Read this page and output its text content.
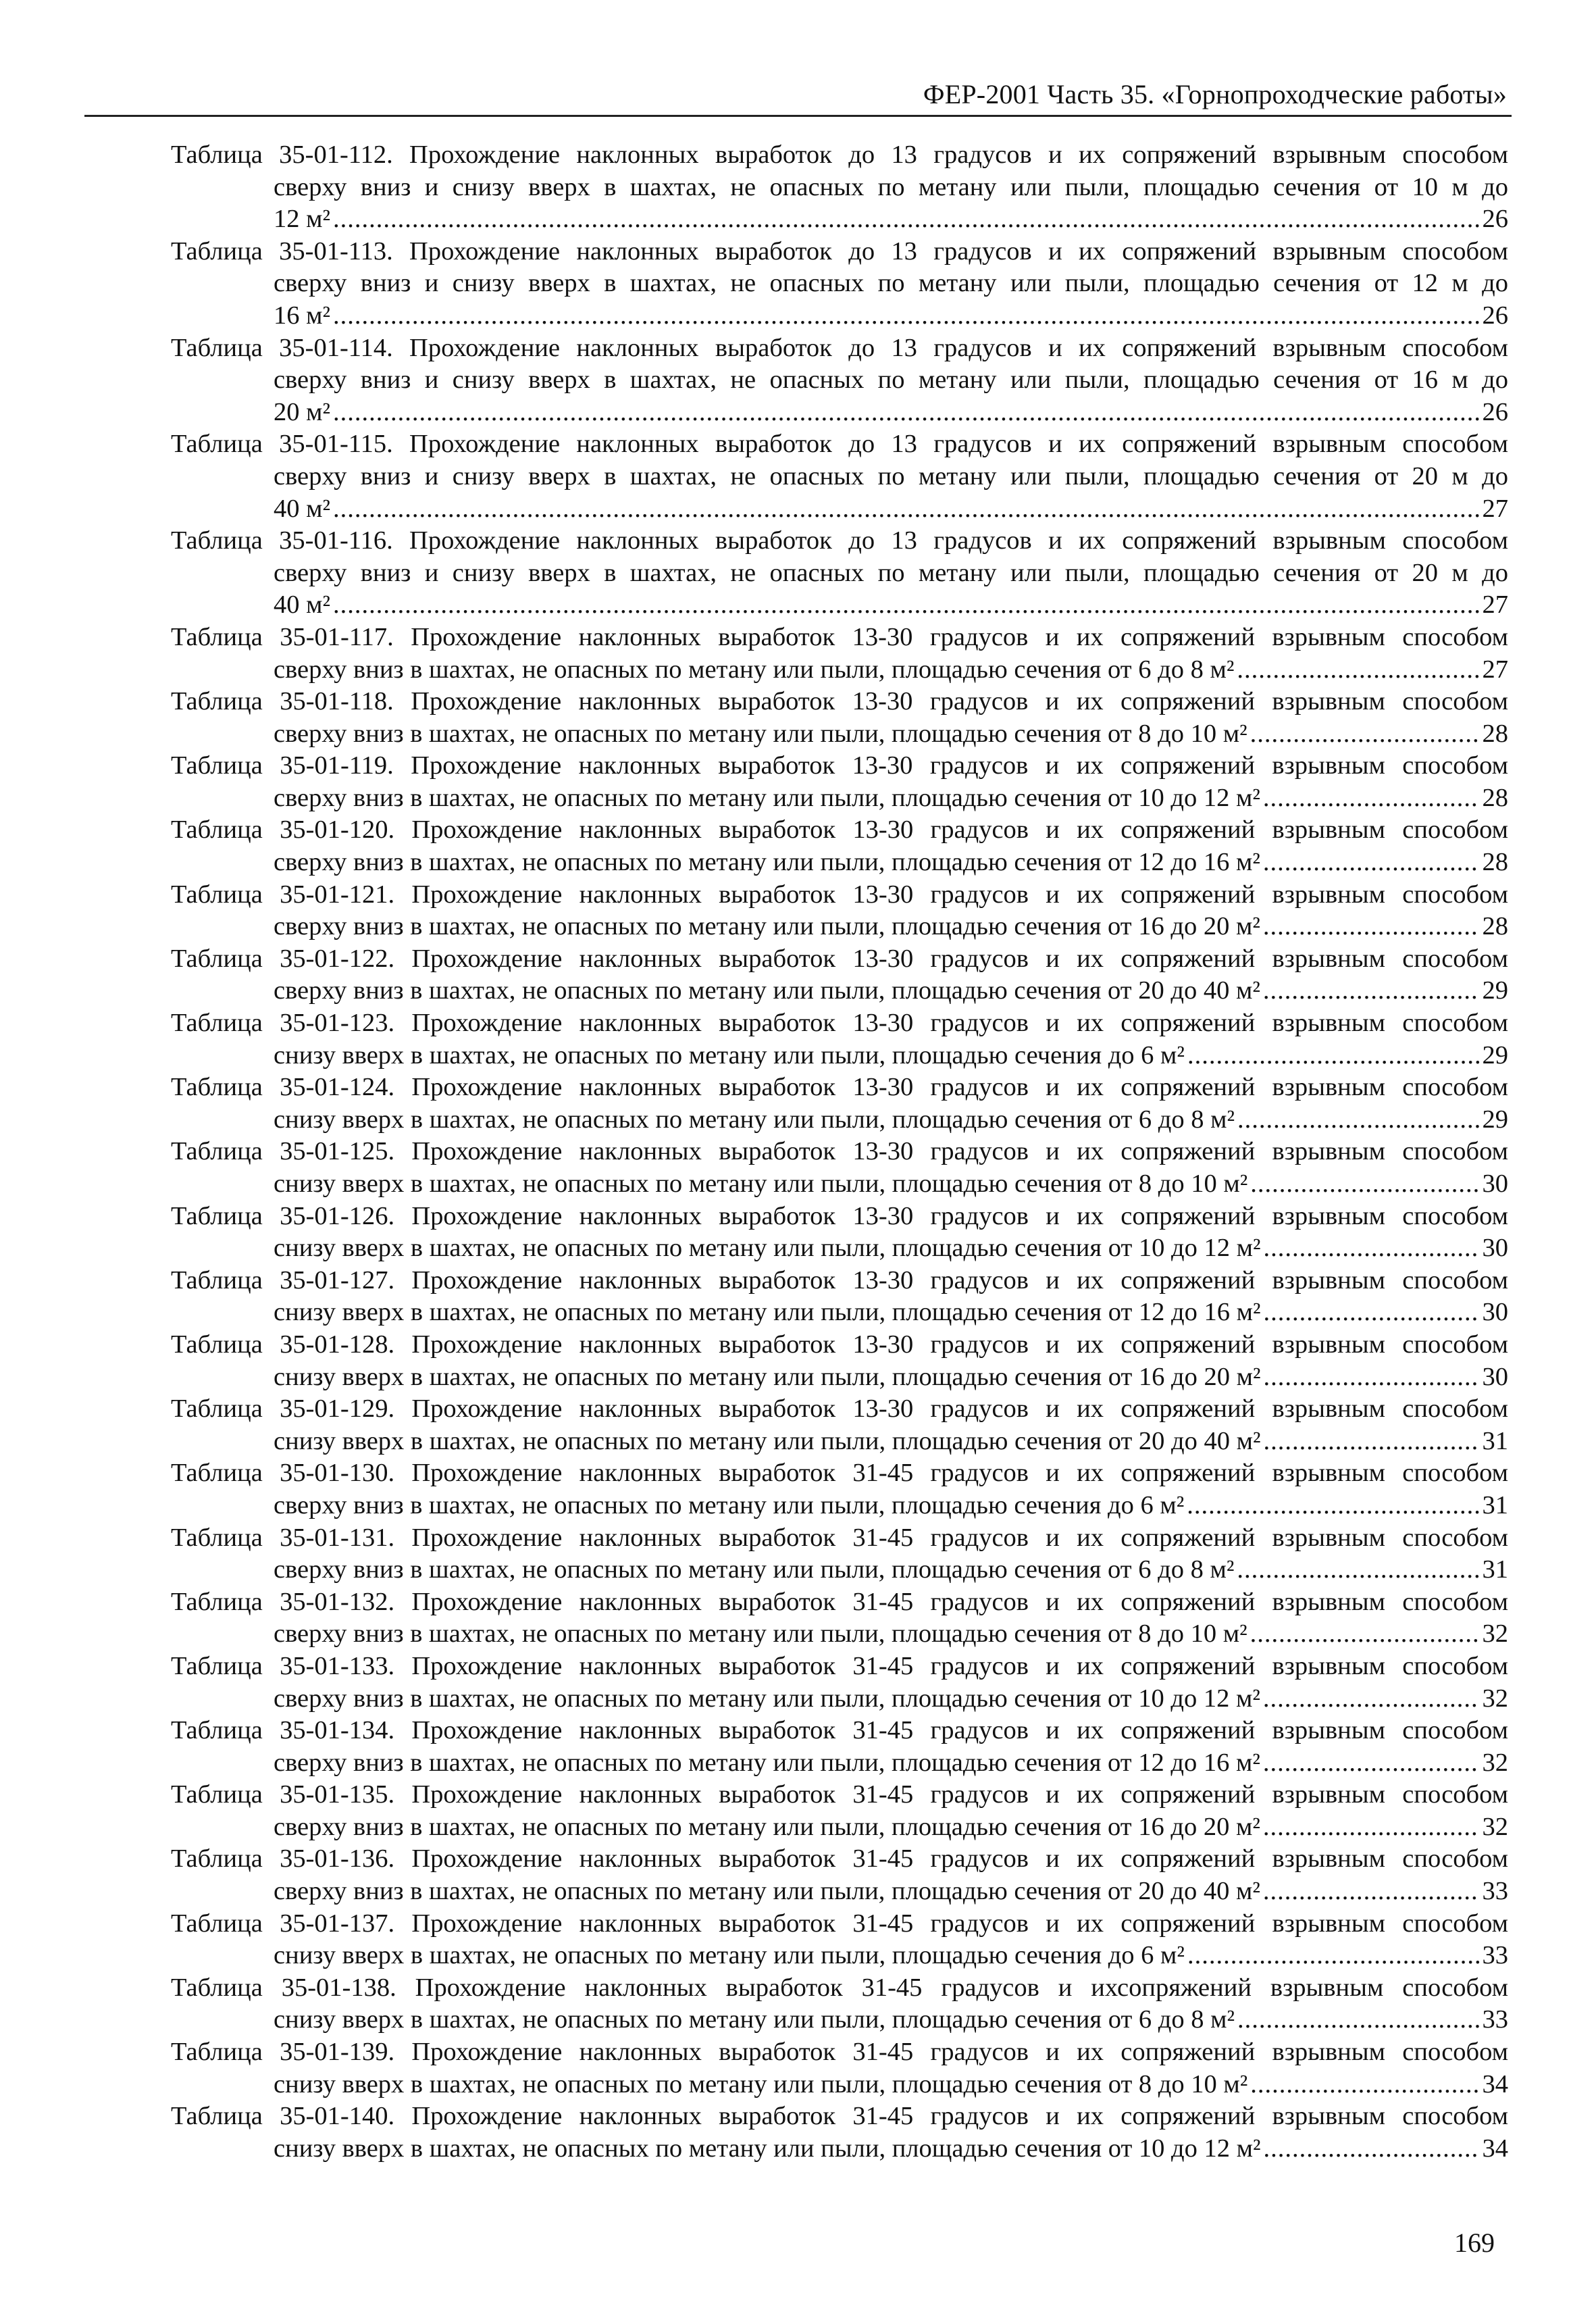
ФЕР-2001 Часть 35. «Горнопроходческие работы»
Таблица 35-01-112. Прохождение наклонных выработок до 13 градусов и их сопряжений взрывным способом
сверху вниз и снизу вверх в шахтах, не опасных по метану или пыли, площадью сечения от 10 м до
12 м² .....	26
Таблица 35-01-113. Прохождение наклонных выработок до 13 градусов и их сопряжений взрывным способом
сверху вниз и снизу вверх в шахтах, не опасных по метану или пыли, площадью сечения от 12 м до
16 м² .....	26
Таблица 35-01-114. Прохождение наклонных выработок до 13 градусов и их сопряжений взрывным способом
сверху вниз и снизу вверх в шахтах, не опасных по метану или пыли, площадью сечения от 16 м до
20 м² .....	26
Таблица 35-01-115. Прохождение наклонных выработок до 13 градусов и их сопряжений взрывным способом
сверху вниз и снизу вверх в шахтах, не опасных по метану или пыли, площадью сечения от 20 м до
40 м² .....	27
Таблица 35-01-116. Прохождение наклонных выработок до 13 градусов и их сопряжений взрывным способом
сверху вниз и снизу вверх в шахтах, не опасных по метану или пыли, площадью сечения от 20 м до
40 м² .....	27
Таблица 35-01-117. Прохождение наклонных выработок 13-30 градусов и их сопряжений взрывным способом
сверху вниз в шахтах, не опасных по метану или пыли, площадью сечения от 6 до 8 м² .....	27
Таблица 35-01-118. Прохождение наклонных выработок 13-30 градусов и их сопряжений взрывным способом
сверху вниз в шахтах, не опасных по метану или пыли, площадью сечения от 8 до 10 м² .....	28
Таблица 35-01-119. Прохождение наклонных выработок 13-30 градусов и их сопряжений взрывным способом
сверху вниз в шахтах, не опасных по метану или пыли, площадью сечения от 10 до 12 м² .....	28
Таблица 35-01-120. Прохождение наклонных выработок 13-30 градусов и их сопряжений взрывным способом
сверху вниз в шахтах, не опасных по метану или пыли, площадью сечения от 12 до 16 м² .....	28
Таблица 35-01-121. Прохождение наклонных выработок 13-30 градусов и их сопряжений взрывным способом
сверху вниз в шахтах, не опасных по метану или пыли, площадью сечения от 16 до 20 м² .....	28
Таблица 35-01-122. Прохождение наклонных выработок 13-30 градусов и их сопряжений взрывным способом
сверху вниз в шахтах, не опасных по метану или пыли, площадью сечения от 20 до 40 м² .....	29
Таблица 35-01-123. Прохождение наклонных выработок 13-30 градусов и их сопряжений взрывным способом
снизу вверх в шахтах, не опасных по метану или пыли, площадью сечения до 6 м² .....	29
Таблица 35-01-124. Прохождение наклонных выработок 13-30 градусов и их сопряжений взрывным способом
снизу вверх в шахтах, не опасных по метану или пыли, площадью сечения от 6 до 8 м² .....	29
Таблица 35-01-125. Прохождение наклонных выработок 13-30 градусов и их сопряжений взрывным способом
снизу вверх в шахтах, не опасных по метану или пыли, площадью сечения от 8 до 10 м² .....	30
Таблица 35-01-126. Прохождение наклонных выработок 13-30 градусов и их сопряжений взрывным способом
снизу вверх в шахтах, не опасных по метану или пыли, площадью сечения от 10 до 12 м² .....	30
Таблица 35-01-127. Прохождение наклонных выработок 13-30 градусов и их сопряжений взрывным способом
снизу вверх в шахтах, не опасных по метану или пыли, площадью сечения от 12 до 16 м² .....	30
Таблица 35-01-128. Прохождение наклонных выработок 13-30 градусов и их сопряжений взрывным способом
снизу вверх в шахтах, не опасных по метану или пыли, площадью сечения от 16 до 20 м² .....	30
Таблица 35-01-129. Прохождение наклонных выработок 13-30 градусов и их сопряжений взрывным способом
снизу вверх в шахтах, не опасных по метану или пыли, площадью сечения от 20 до 40 м² .....	31
Таблица 35-01-130. Прохождение наклонных выработок 31-45 градусов и их сопряжений взрывным способом
сверху вниз в шахтах, не опасных по метану или пыли, площадью сечения до 6 м² .....	31
Таблица 35-01-131. Прохождение наклонных выработок 31-45 градусов и их сопряжений взрывным способом
сверху вниз в шахтах, не опасных по метану или пыли, площадью сечения от 6 до 8 м² .....	31
Таблица 35-01-132. Прохождение наклонных выработок 31-45 градусов и их сопряжений взрывным способом
сверху вниз в шахтах, не опасных по метану или пыли, площадью сечения от 8 до 10 м² .....	32
Таблица 35-01-133. Прохождение наклонных выработок 31-45 градусов и их сопряжений взрывным способом
сверху вниз в шахтах, не опасных по метану или пыли, площадью сечения от 10 до 12 м² .....	32
Таблица 35-01-134. Прохождение наклонных выработок 31-45 градусов и их сопряжений взрывным способом
сверху вниз в шахтах, не опасных по метану или пыли, площадью сечения от 12 до 16 м² .....	32
Таблица 35-01-135. Прохождение наклонных выработок 31-45 градусов и их сопряжений взрывным способом
сверху вниз в шахтах, не опасных по метану или пыли, площадью сечения от 16 до 20 м² .....	32
Таблица 35-01-136. Прохождение наклонных выработок 31-45 градусов и их сопряжений взрывным способом
сверху вниз в шахтах, не опасных по метану или пыли, площадью сечения от 20 до 40 м² .....	33
Таблица 35-01-137. Прохождение наклонных выработок 31-45 градусов и их сопряжений взрывным способом
снизу вверх в шахтах, не опасных по метану или пыли, площадью сечения до 6 м² .....	33
Таблица 35-01-138. Прохождение наклонных выработок 31-45 градусов и ихсопряжений взрывным способом
снизу вверх в шахтах, не опасных по метану или пыли, площадью сечения от 6 до 8 м² .....	33
Таблица 35-01-139. Прохождение наклонных выработок 31-45 градусов и их сопряжений взрывным способом
снизу вверх в шахтах, не опасных по метану или пыли, площадью сечения от 8 до 10 м² .....	34
Таблица 35-01-140. Прохождение наклонных выработок 31-45 градусов и их сопряжений взрывным способом
снизу вверх в шахтах, не опасных по метану или пыли, площадью сечения от 10 до 12 м² .....	34
169
